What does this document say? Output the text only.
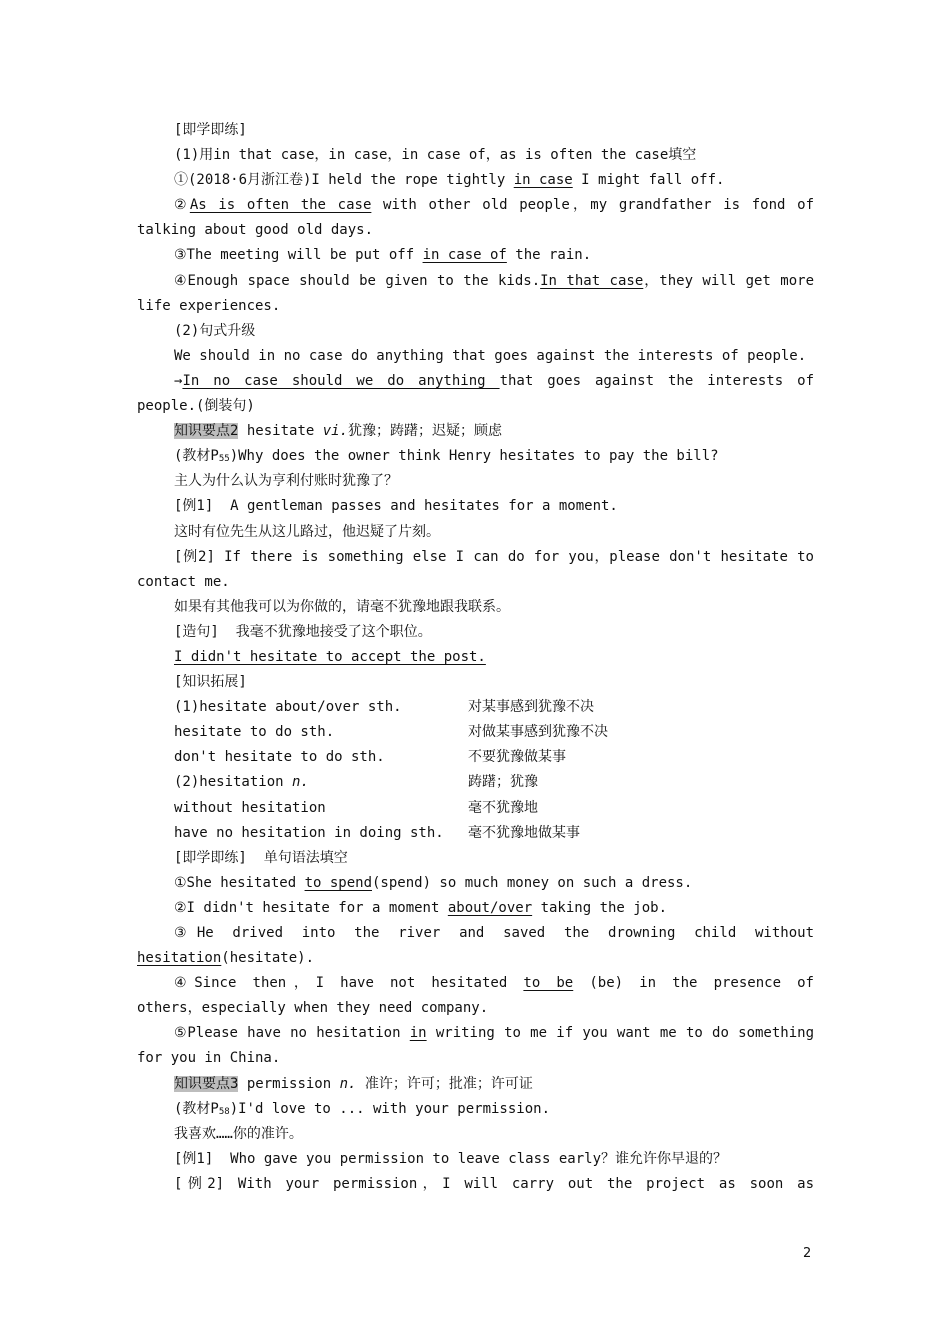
[即学即练]
(1)用in that case，in case，in case of，as is often the case填空
①(2018·6月浙江卷)I held the rope tightly in case I might fall off.
②As is often the case with other old people，my grandfather is fond of
talking about good old days.
③The meeting will be put off in case of the rain.
④Enough space should be given to the kids.In that case，they will get more
life experiences.
(2)句式升级
We should in no case do anything that goes against the interests of people.
→In no case should we do anything that goes against the interests of
people.(倒装句)
知识要点2 hesitate vi.犹豫；踌躇；迟疑；顾虑
(教材$P_{55})Why$ does the owner think Henry hesitates to pay the bill?
主人为什么认为亨利付账时犹豫了？
[例1]  A gentleman passes and hesitates for a moment.
这时有位先生从这儿路过，他迟疑了片刻。
[例2] If there is something else I can do for you，please don't hesitate to
contact me.
如果有其他我可以为你做的，请毫不犹豫地跟我联系。
[造句]  我毫不犹豫地接受了这个职位。
I didn't hesitate to accept the post.
[知识拓展]
(1)hesitate about/over sth.	对某事感到犹豫不决
hesitate to do sth.	对做某事感到犹豫不决
don't hesitate to do sth.	不要犹豫做某事
(2)hesitation n.	踌躇；犹豫
without hesitation	毫不犹豫地
have no hesitation in doing sth. 毫不犹豫地做某事
[即学即练]  单句语法填空
①She hesitated to spend(spend) so much money on such a dress.
②I didn't hesitate for a moment about/over taking the job.
③He drived into the river and saved the drowning child without
hesitation(hesitate).
④Since then，I have not hesitated to be (be) in the presence of
others，especially when they need company.
⑤Please have no hesitation in writing to me if you want me to do something
for you in China.
知识要点3 permission n. 准许；许可；批准；许可证
(教材$P_{58})I'd$ love to ... with your permission.
我喜欢……你的准许。
[例1]  Who gave you permission to leave class early？谁允许你早退的？
[例2] With your permission，I will carry out the project as soon as
2
